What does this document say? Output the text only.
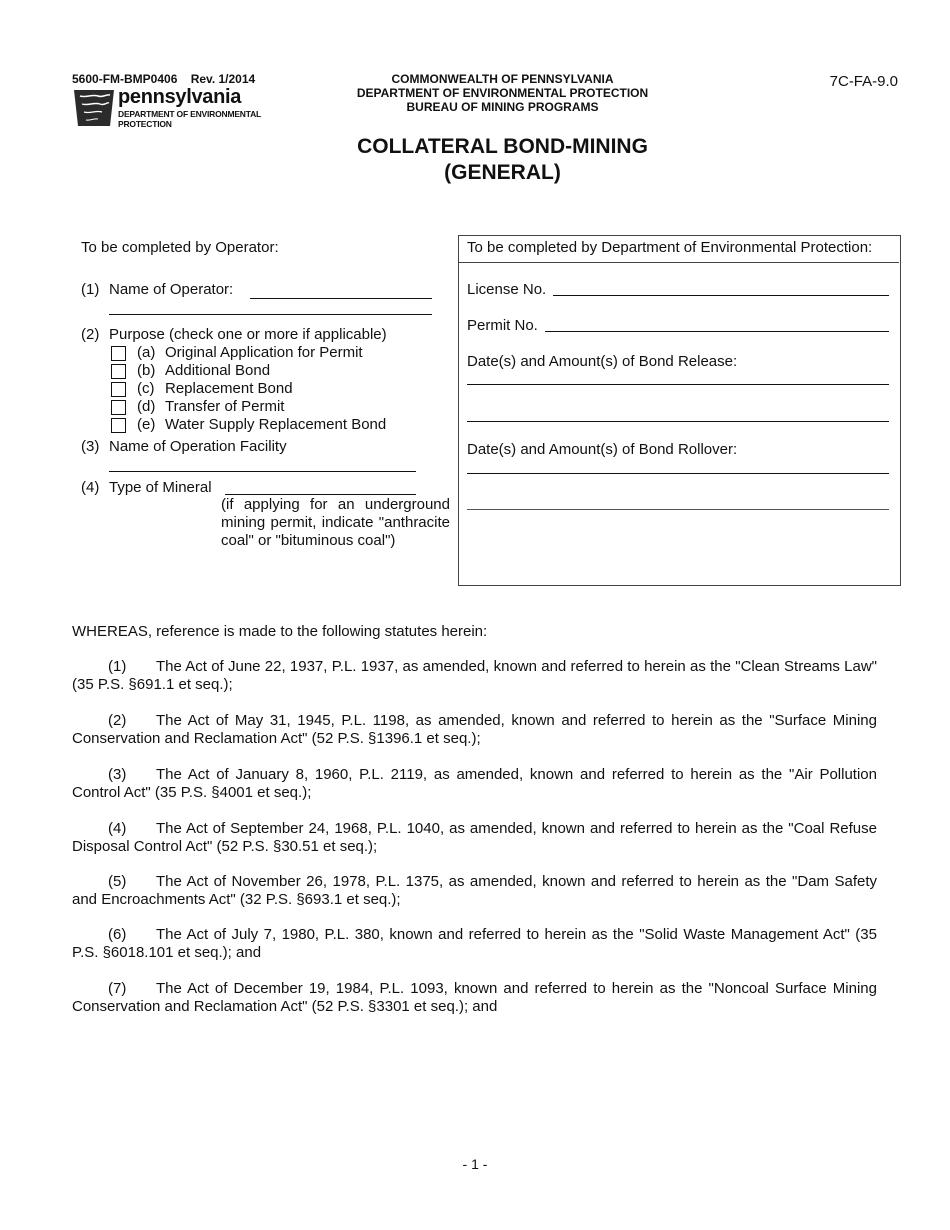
5600-FM-BMP0406    Rev. 1/2014
pennsylvania
DEPARTMENT OF ENVIRONMENTAL
PROTECTION
COMMONWEALTH OF PENNSYLVANIA
DEPARTMENT OF ENVIRONMENTAL PROTECTION
BUREAU OF MINING PROGRAMS
7C-FA-9.0
COLLATERAL BOND-MINING
(GENERAL)
To be completed by Operator:
(1) Name of Operator:
(2) Purpose (check one or more if applicable)
(a) Original Application for Permit
(b) Additional Bond
(c) Replacement Bond
(d) Transfer of Permit
(e) Water Supply Replacement Bond
(3) Name of Operation Facility
(4) Type of Mineral
(if applying for an underground mining permit, indicate "anthracite coal" or "bituminous coal")
To be completed by Department of Environmental Protection:
License No.
Permit No.
Date(s) and Amount(s) of Bond Release:
Date(s) and Amount(s) of Bond Rollover:
WHEREAS, reference is made to the following statutes herein:
(1) The Act of June 22, 1937, P.L. 1937, as amended, known and referred to herein as the "Clean Streams Law" (35 P.S. §691.1 et seq.);
(2) The Act of May 31, 1945, P.L. 1198, as amended, known and referred to herein as the "Surface Mining Conservation and Reclamation Act" (52 P.S. §1396.1 et seq.);
(3) The Act of January 8, 1960, P.L. 2119, as amended, known and referred to herein as the "Air Pollution Control Act" (35 P.S. §4001 et seq.);
(4) The Act of September 24, 1968, P.L. 1040, as amended, known and referred to herein as the "Coal Refuse Disposal Control Act" (52 P.S. §30.51 et seq.);
(5) The Act of November 26, 1978, P.L. 1375, as amended, known and referred to herein as the "Dam Safety and Encroachments Act" (32 P.S. §693.1 et seq.);
(6) The Act of July 7, 1980, P.L. 380, known and referred to herein as the "Solid Waste Management Act" (35 P.S. §6018.101 et seq.); and
(7) The Act of December 19, 1984, P.L. 1093, known and referred to herein as the "Noncoal Surface Mining Conservation and Reclamation Act" (52 P.S. §3301 et seq.); and
- 1 -
